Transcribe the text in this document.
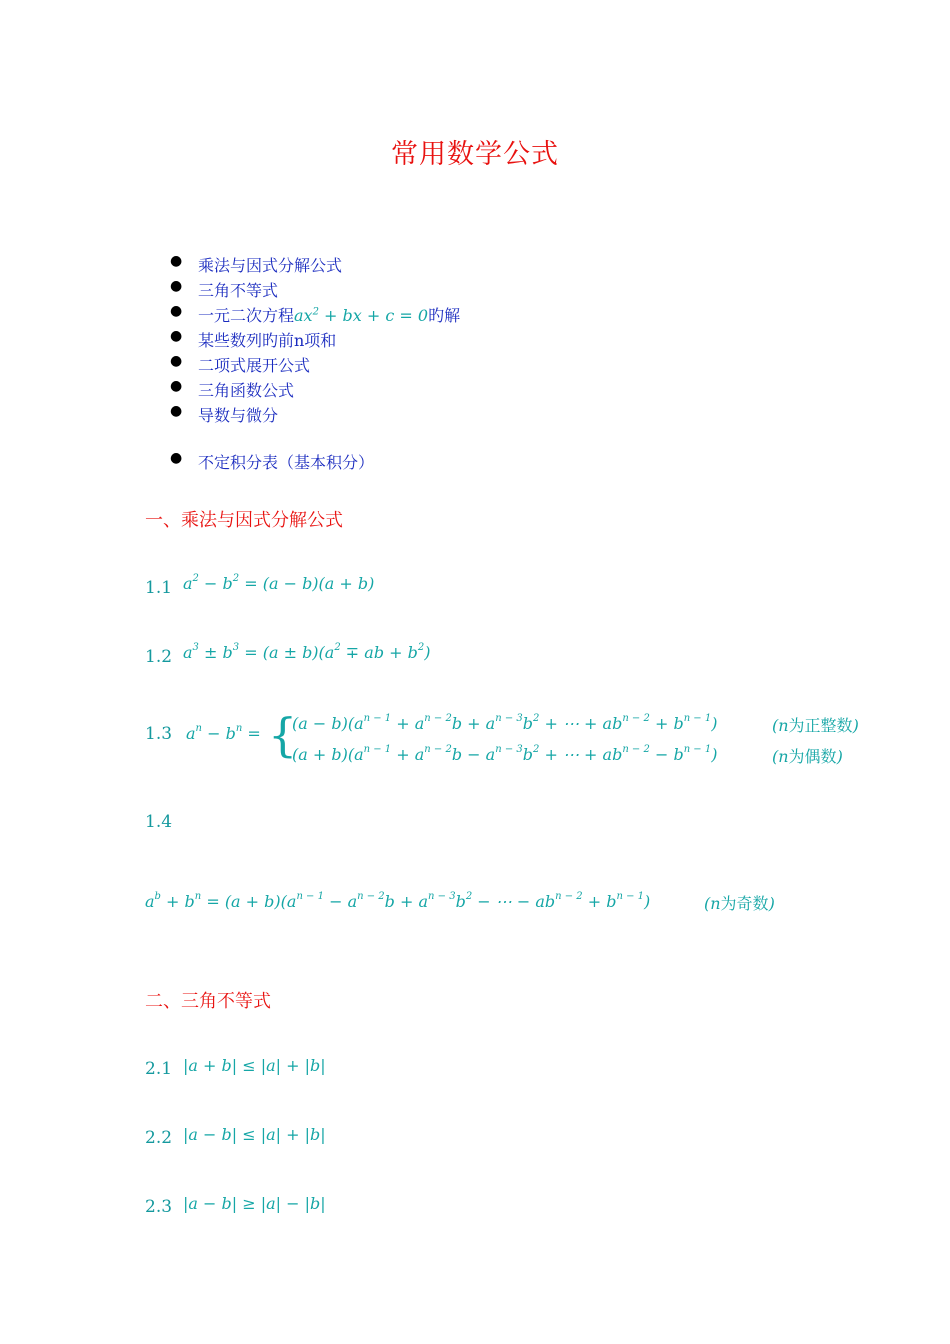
常用数学公式
● 乘法与因式分解公式
● 三角不等式
● 一元二次方程$ax^2$ + bx + c = 0旳解
● 某些数列旳前n项和
● 二项式展开公式
● 三角函数公式
● 导数与微分
● 不定积分表（基本积分）
一、乘法与因式分解公式
1.1 $a^2 - b^2 = (a - b)(a + b)$
1.2 $a^3 \pm b^3 = (a \pm b)(a^2$ ∓ ab + $b^2$)
1.3 $a^n - b^n$ = {
$(a - b)(a^{n - 1} + a^{n - 2}b + a^{n - 3}b^2$ + ⋯ + $ab^{n - 2} + b^{n - 1}$)	(n为正整数)
$(a + b)(a^{n - 1} + a^{n - 2}b - a^{n - 3}b^2$ + ⋯ + $ab^{n - 2} - b^{n - 1}$)	(n为偶数)
1.4
$a^b + b^n = (a + b)(a^{n - 1} - a^{n - 2}b + a^{n - 3}b^2$ − ⋯ − $ab^{n - 2} + b^{n - 1}$)	(n为奇数)
二、三角不等式
2.1 |a + b| ≤ |a| + |b|
2.2 |a − b| ≤ |a| + |b|
2.3 |a − b| ≥ |a| − |b|
